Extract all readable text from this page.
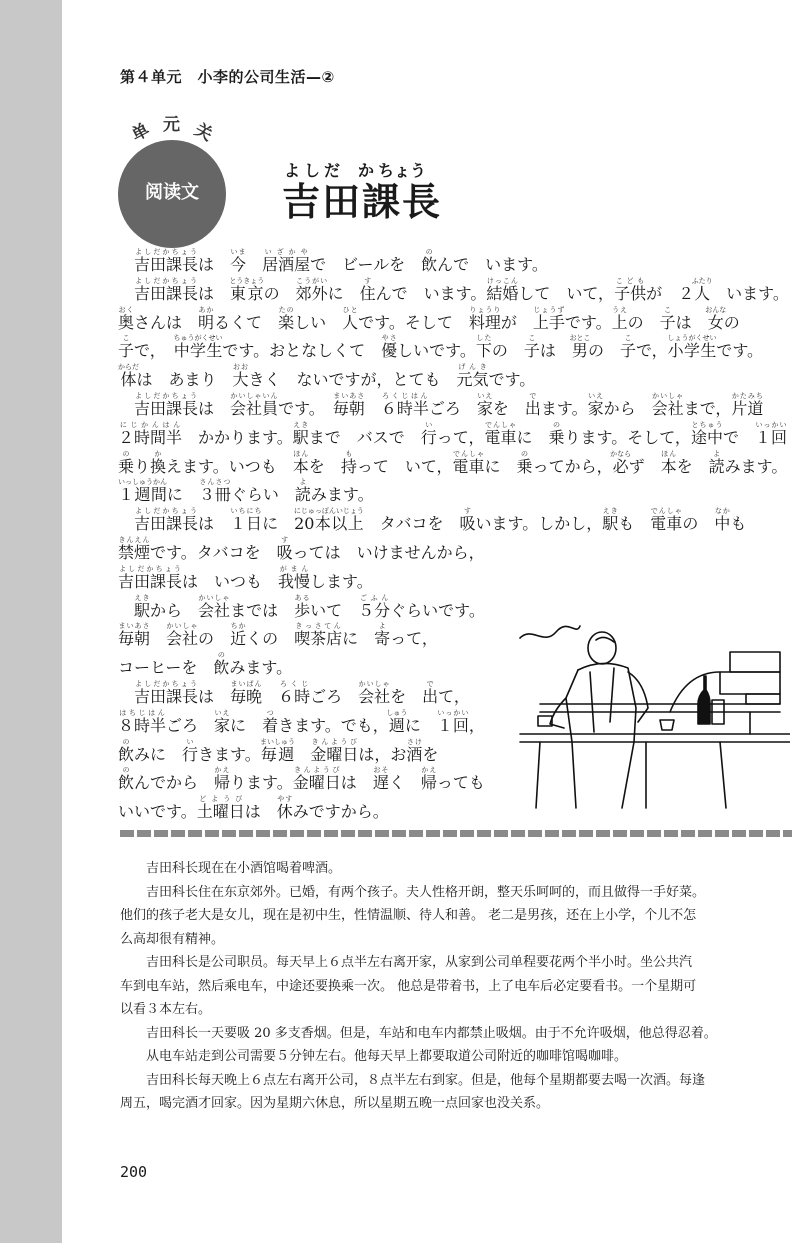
第４单元　小李的公司生活—②
阅读文
单 元 关
よ し だ か ちょう
吉田課長
　吉田課長よしだかちょうは　今いま　居酒屋いざかやで　ビールを　飲のんで　います。
　吉田課長よしだかちょうは　東京とうきょうの　郊外こうがいに　住すんで　います。結婚けっこんして　いて，子供こどもが　２人ふたり　います。
奥おくさんは　明あかるくて　楽たのしい　人ひとです。そして　料理りょうりが　上手じょうずです。上うえの　子こは　女おんなの
子こで，　中学生ちゅうがくせいです。おとなしくて　優やさしいです。下したの　子こは　男おとこの　子こで，小学生しょうがくせいです。
体からだは　あまり　大おおきく　ないですが，とても　元気げんきです。
　吉田課長よしだかちょうは　会社員かいしゃいんです。　毎朝まいあさ　６時半ろくじはんごろ　家いえを　出でます。家いえから　会社かいしゃまで，片道かたみち
２時間半にじかんはん　かかります。駅えきまで　バスで　行いって，電車でんしゃに　乗のります。そして，途中とちゅうで　１回いっかい
乗のり換かえます。いつも　本ほんを　持もって　いて，電車でんしゃに　乗のってから，必かならず　本ほんを　読よみます。
１週間いっしゅうかんに　３冊さんさつぐらい　読よみます。
　吉田課長よしだかちょうは　１日いちにちに　20本以上にじゅっぽんいじょう　タバコを　吸すいます。しかし，駅えきも　電車でんしゃの　中なかも
禁煙きんえんです。タバコを　吸すっては　いけませんから，
吉田課長よしだかちょうは　いつも　我慢がまんします。
　駅えきから　会社かいしゃまでは　歩あるいて　５分ごふんぐらいです。
毎朝まいあさ　会社かいしゃの　近ちかくの　喫茶店きっさてんに　寄よって，
コーヒーを　飲のみます。
　吉田課長よしだかちょうは　毎晩まいばん　６時ろくじごろ　会社かいしゃを　出でて，
８時半はちじはんごろ　家いえに　着つきます。でも，週しゅうに　１回いっかい，
飲のみに　行いきます。毎週まいしゅう　金曜日きんようびは，お酒さけを
飲のんでから　帰かえります。金曜日きんようびは　遅おそく　帰かえっても
いいです。土曜日どようびは　休やすみですから。
　　吉田科长现在在小酒馆喝着啤酒。
　　吉田科长住在东京郊外。已婚，有两个孩子。夫人性格开朗，整天乐呵呵的，而且做得一手好菜。
他们的孩子老大是女儿，现在是初中生，性情温顺、待人和善。 老二是男孩，还在上小学，个儿不怎
么高却很有精神。
　　吉田科长是公司职员。每天早上６点半左右离开家，从家到公司单程要花两个半小时。坐公共汽
车到电车站，然后乘电车，中途还要换乘一次。 他总是带着书，上了电车后必定要看书。一个星期可
以看３本左右。
　　吉田科长一天要吸 20 多支香烟。但是，车站和电车内都禁止吸烟。由于不允许吸烟，他总得忍着。
　　从电车站走到公司需要５分钟左右。他每天早上都要取道公司附近的咖啡馆喝咖啡。
　　吉田科长每天晚上６点左右离开公司，８点半左右到家。但是，他每个星期都要去喝一次酒。每逢
周五，喝完酒才回家。因为星期六休息，所以星期五晚一点回家也没关系。
200
